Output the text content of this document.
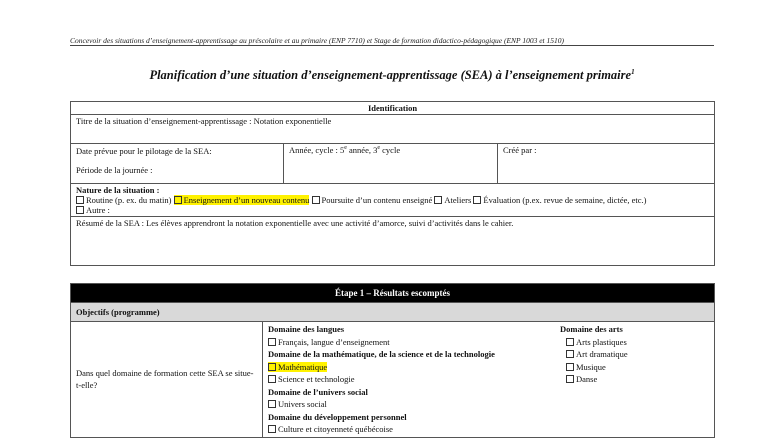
Concevoir des situations d’enseignement-apprentissage au préscolaire et au primaire (ENP 7710) et Stage de formation didactico-pédagogique (ENP 1003 et 1510)
Planification d’une situation d’enseignement-apprentissage (SEA) à l’enseignement primaire$^1$
Identification
Titre de la situation d’enseignement-apprentissage : Notation exponentielle

Date prévue pour le pilotage de la SEA:
Période de la journée :
	Année, cycle : 5e année, 3e cycle	Créé par :
Nature de la situation :
Routine (p. ex. du matin) Enseignement d’un nouveau contenu Poursuite d’un contenu enseigné Ateliers Évaluation (p.ex. revue de semaine, dictée, etc.)
Autre :
Résumé de la SEA : Les élèves apprendront la notation exponentielle avec une activité d’amorce, suivi d’activités dans le cahier.
Étape 1 – Résultats escomptés
Objectifs (programme)
Dans quel domaine de formation cette SEA se situe-t-elle?	
Domaine des langues
Français, langue d’enseignement
Domaine de la mathématique, de la science et de la technologie
Mathématique
Science et technologie
Domaine de l’univers social
Univers social
Domaine du développement personnel
Culture et citoyenneté québécoise
Domaine des arts
Arts plastiques
Art dramatique
Musique
Danse
